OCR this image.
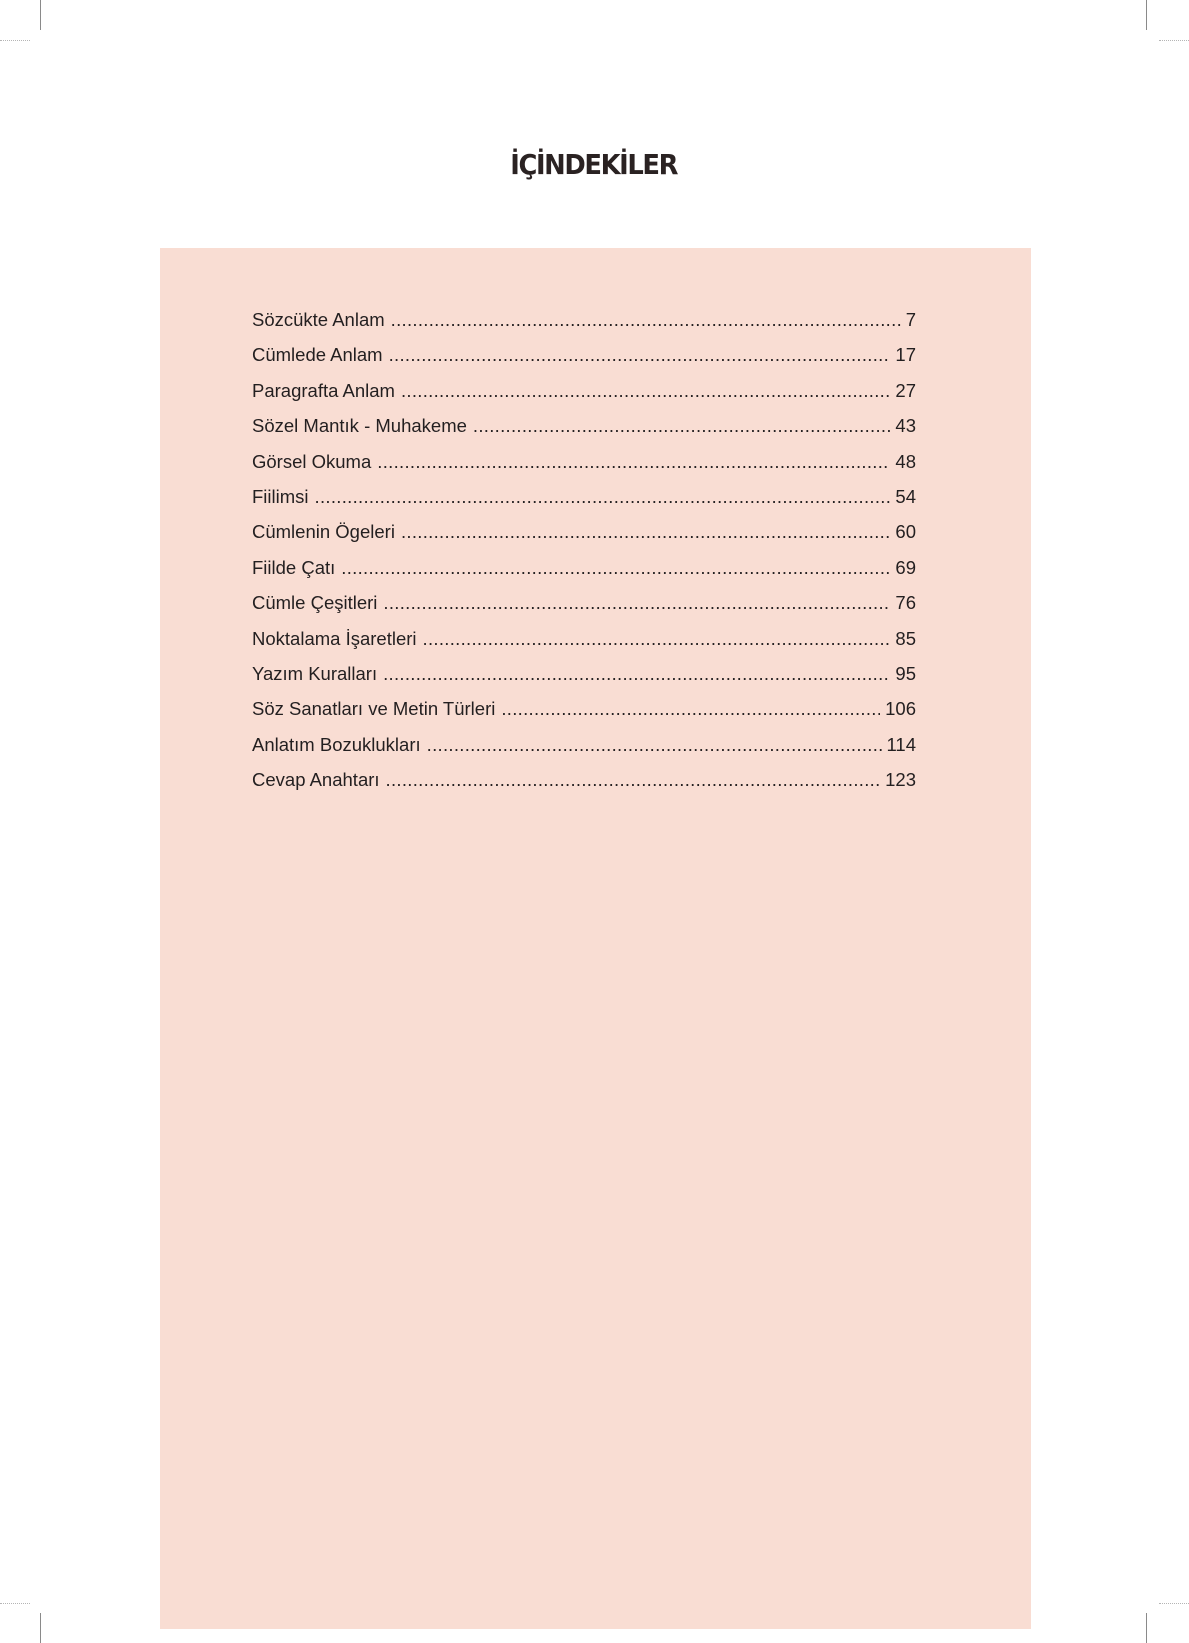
İÇİNDEKİLER
Sözcükte Anlam .....	7
Cümlede Anlam .....	17
Paragrafta Anlam .....	27
Sözel Mantık - Muhakeme .....	43
Görsel Okuma .....	48
Fiilimsi .....	54
Cümlenin Ögeleri .....	60
Fiilde Çatı .....	69
Cümle Çeşitleri .....	76
Noktalama İşaretleri .....	85
Yazım Kuralları .....	95
Söz Sanatları ve Metin Türleri .....	106
Anlatım Bozuklukları .....	114
Cevap Anahtarı .....	123
